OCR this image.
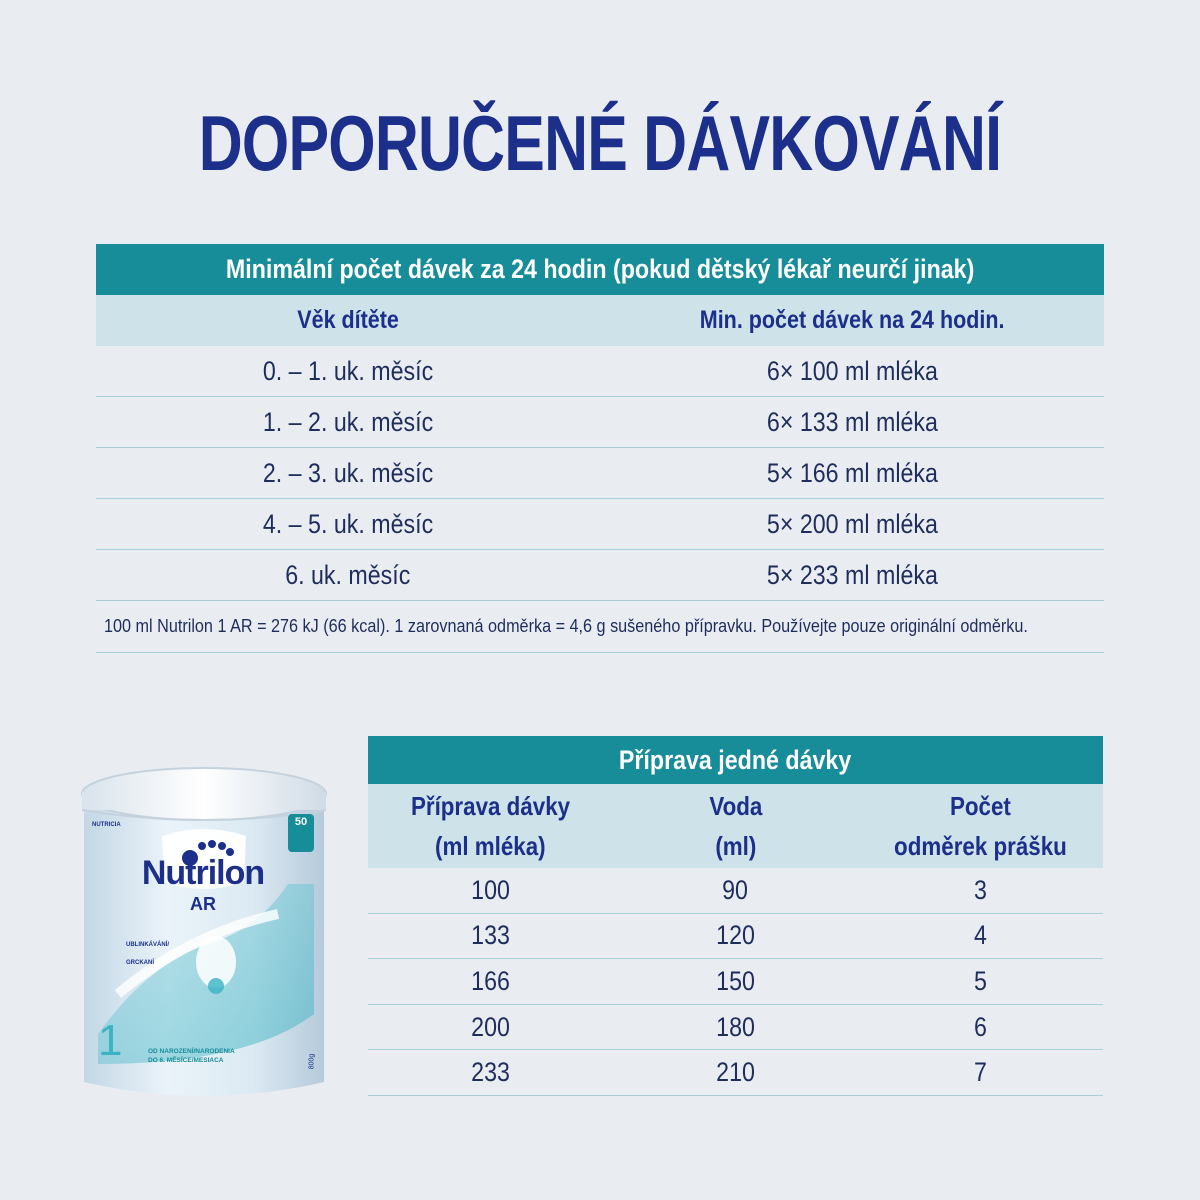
DOPORUČENÉ DÁVKOVÁNÍ
Minimální počet dávek za 24 hodin (pokud dětský lékař neurčí jinak)
Věk dítěte	Min. počet dávek na 24 hodin.
0. – 1. uk. měsíc	6× 100 ml mléka
1. – 2. uk. měsíc	6× 133 ml mléka
2. – 3. uk. měsíc	5× 166 ml mléka
4. – 5. uk. měsíc	5× 200 ml mléka
6. uk. měsíc	5× 233 ml mléka
100 ml Nutrilon 1 AR = 276 kJ (66 kcal). 1 zarovnaná odměrka = 4,6 g sušeného přípravku. Používejte pouze originální odměrku.
NUTRICIA	50
Nutrilon
AR
UBLINKÁVÁNÍ/
GRCKANÍ
1	OD NAROZENÍ/NARODENIA
DO 6. MĚSÍCE/MESIACA	800g
Příprava jedné dávky
Příprava dávky
(ml mléka)
Voda
(ml)
Počet
odměrek prášku
100	90	3
133	120	4
166	150	5
200	180	6
233	210	7
